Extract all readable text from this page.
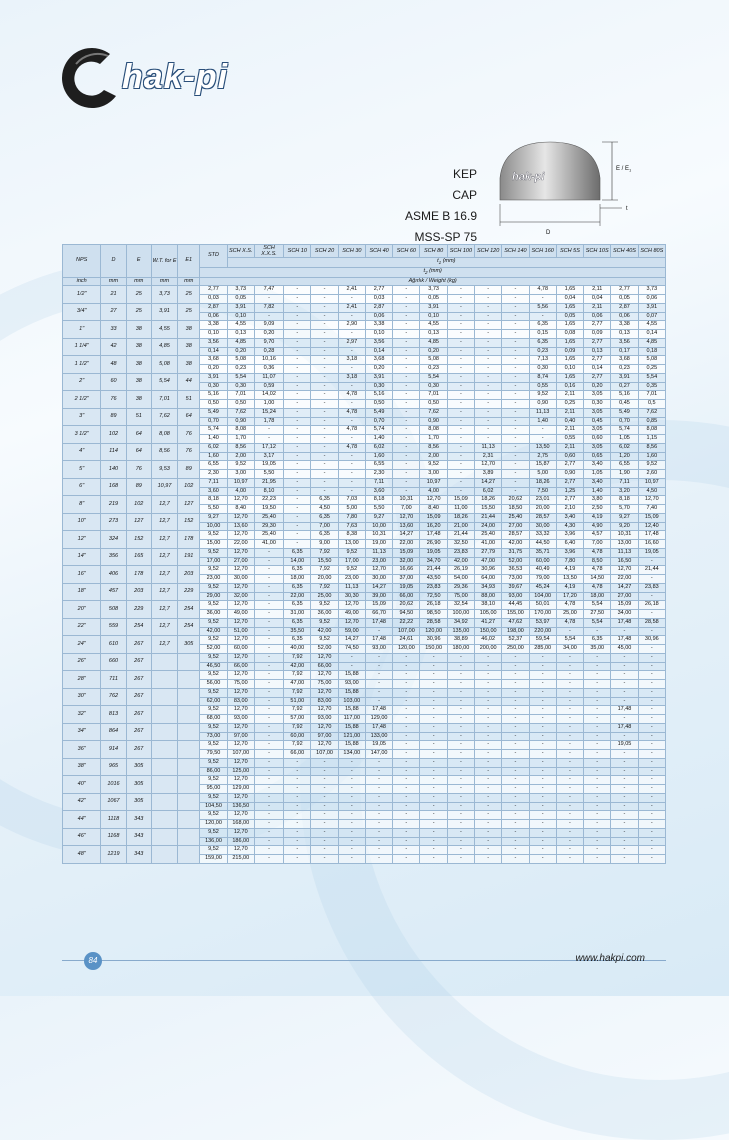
hak-pi
KEP
CAP
ASME B 16.9
MSS-SP 75
hak-pi
D
E / $E_1$
t
NPS	D	E	W.T. for E	E1	STD	SCH X.S.	SCH X.X.S.	SCH 10	SCH 20	SCH 30	SCH 40	SCH 60	SCH 80	SCH 100	SCH 120	SCH 140	SCH 160	SCH 5S	SCH 10S	SCH 40S	SCH 80S
						$t_1$ (mm)															
					$t_2$ (mm)																
inch	mm	mm	mm	mm	Ağırlık / Weight (kg)																
1/2"	21	25	3,73	25	2,77	3,73	7,47	-	-	2,41	2,77	-	3,73	-	-	-	4,78	1,65	2,11	2,77	3,73
					0,03	0,05	-	-	-	-	0,03	-	0,05	-	-	-	-	0,04	0,04	0,05	0,06
3/4"	27	25	3,91	25	2,87	3,91	7,82	-	-	2,41	2,87	-	3,91	-	-	-	5,56	1,65	2,11	2,87	3,91
					0,06	0,10	-	-	-	-	0,06	-	0,10	-	-	-	-	0,05	0,06	0,06	0,07
1"	33	38	4,55	38	3,38	4,55	9,09	-	-	2,90	3,38	-	4,55	-	-	-	6,35	1,65	2,77	3,38	4,55
					0,10	0,13	0,20	-	-	-	0,10	-	0,13	-	-	-	0,15	0,08	0,09	0,13	0,14
1 1/4"	42	38	4,85	38	3,56	4,85	9,70	-	-	2,97	3,56	-	4,85	-	-	-	6,35	1,65	2,77	3,56	4,85
					0,14	0,20	0,28	-	-	-	0,14	-	0,20	-	-	-	0,23	0,09	0,13	0,17	0,18
1 1/2"	48	38	5,08	38	3,68	5,08	10,16	-	-	3,18	3,68	-	5,08	-	-	-	7,13	1,65	2,77	3,68	5,08
					0,20	0,23	0,36	-	-	-	0,20	-	0,23	-	-	-	0,30	0,10	0,14	0,23	0,25
2"	60	38	5,54	44	3,91	5,54	11,07	-	-	3,18	3,91	-	5,54	-	-	-	8,74	1,65	2,77	3,91	5,54
					0,30	0,30	0,59	-	-	-	0,30	-	0,30	-	-	-	0,55	0,16	0,20	0,27	0,35
2 1/2"	76	38	7,01	51	5,16	7,01	14,02	-	-	4,78	5,16	-	7,01	-	-	-	9,52	2,11	3,05	5,16	7,01
					0,50	0,50	1,00	-	-	-	0,50	-	0,50	-	-	-	0,90	0,25	0,30	0,45	0,5
3"	89	51	7,62	64	5,49	7,62	15,24	-	-	4,78	5,49	-	7,62	-	-	-	11,13	2,11	3,05	5,49	7,62
					0,70	0,90	1,78	-	-	-	0,70	-	0,90	-	-	-	1,40	0,40	0,45	0,70	0,85
3 1/2"	102	64	8,08	76	5,74	8,08	-	-	-	4,78	5,74	-	8,08	-	-	-	-	2,11	3,05	5,74	8,08
					1,40	1,70	-	-	-	-	1,40	-	1,70	-	-	-	-	0,55	0,60	1,05	1,15
4"	114	64	8,56	76	6,02	8,56	17,12	-	-	4,78	6,02	-	8,56	-	11,13	-	13,50	2,11	3,05	6,02	8,56
					1,60	2,00	3,17	-	-	-	1,60	-	2,00	-	2,31	-	2,75	0,60	0,65	1,20	1,60
5"	140	76	9,53	89	6,55	9,52	19,05	-	-	-	6,55	-	9,52	-	12,70	-	15,87	2,77	3,40	6,55	9,52
					2,30	3,00	5,50	-	-	-	2,30	-	3,00	-	3,89	-	5,00	0,90	1,05	1,90	2,60
6"	168	89	10,97	102	7,11	10,97	21,95	-	-	-	7,11	-	10,97	-	14,27	-	18,26	2,77	3,40	7,11	10,97
					3,60	4,00	8,10	-	-	-	3,60	-	4,00	-	6,02	-	7,50	1,25	1,40	3,20	4,50
8"	219	102	12,7	127	8,18	12,70	22,23	-	6,35	7,03	8,18	10,31	12,70	15,09	18,26	20,62	23,01	2,77	3,80	8,18	12,70
					5,50	8,40	19,50	-	4,50	5,00	5,50	7,00	8,40	11,00	15,50	18,50	20,00	2,10	2,50	5,70	7,40
10"	273	127	12,7	152	9,27	12,70	25,40	-	6,35	7,80	9,27	12,70	15,09	18,26	21,44	25,40	28,57	3,40	4,19	9,27	15,09
					10,00	13,60	29,30	-	7,00	7,63	10,00	13,60	16,20	21,00	24,00	27,00	30,00	4,30	4,90	9,20	12,40
12"	324	152	12,7	178	9,52	12,70	25,40	-	6,35	8,38	10,31	14,27	17,48	21,44	25,40	28,57	33,32	3,96	4,57	10,31	17,48
					15,00	22,00	41,00	-	9,00	13,00	19,00	22,00	26,90	32,50	41,00	42,00	44,50	6,40	7,00	13,00	16,60
14"	356	165	12,7	191	9,52	12,70	-	6,35	7,92	9,52	11,13	15,09	19,05	23,83	27,79	31,75	35,71	3,96	4,78	11,13	19,05
					17,00	27,00	-	14,00	15,50	17,00	23,00	32,00	34,70	42,00	47,00	52,00	60,00	7,80	8,50	16,50	-
16"	406	178	12,7	203	9,52	12,70	-	6,35	7,92	9,52	12,70	16,66	21,44	26,19	30,96	36,53	40,49	4,19	4,78	12,70	21,44
					23,00	30,00	-	18,00	20,00	23,00	30,00	37,00	43,50	54,00	64,00	73,00	79,00	13,50	14,50	22,00	-
18"	457	203	12,7	229	9,52	12,70	-	6,35	7,92	11,13	14,27	19,05	23,83	29,36	34,93	39,67	45,24	4,19	4,78	14,27	23,83
					29,00	32,00	-	22,00	25,00	30,30	39,00	66,00	72,50	75,00	88,00	93,00	104,00	17,20	18,00	27,00	-
20"	508	229	12,7	254	9,52	12,70	-	6,35	9,52	12,70	15,09	20,62	26,18	32,54	38,10	44,45	50,01	4,78	5,54	15,09	26,18
					36,00	49,00	-	31,00	36,00	49,00	66,70	94,50	98,50	100,00	105,00	155,00	170,00	25,00	27,50	34,00	-
22"	559	254	12,7	254	9,52	12,70	-	6,35	9,52	12,70	17,48	22,22	28,58	34,92	41,27	47,62	53,97	4,78	5,54	17,48	28,58
					42,00	51,00	-	35,50	42,00	59,00	-	107,00	120,00	135,00	150,00	198,00	220,00	-	-	-	-
24"	610	267	12,7	305	9,52	12,70	-	6,35	9,52	14,27	17,48	24,61	30,96	38,89	46,02	52,37	59,54	5,54	6,35	17,48	30,96
					52,00	60,00	-	40,00	52,00	74,50	93,00	120,00	150,00	180,00	200,00	250,00	285,00	34,00	35,00	45,00	-
26"	660	267			9,52	12,70	-	7,92	12,70	-	-	-	-	-	-	-	-	-	-	-	-
					46,50	66,00	-	42,00	66,00	-	-	-	-	-	-	-	-	-	-	-	-
28"	711	267			9,52	12,70	-	7,92	12,70	15,88	-	-	-	-	-	-	-	-	-	-	-
					56,00	75,00	-	47,00	75,00	93,00	-	-	-	-	-	-	-	-	-	-	-
30"	762	267			9,52	12,70	-	7,92	12,70	15,88	-	-	-	-	-	-	-	-	-	-	-
					62,00	83,00	-	51,00	83,00	103,00	-	-	-	-	-	-	-	-	-	-	-
32"	813	267			9,52	12,70	-	7,92	12,70	15,88	17,48	-	-	-	-	-	-	-	-	17,48	-
					68,00	93,00	-	57,00	93,00	117,00	129,00	-	-	-	-	-	-	-	-	-	-
34"	864	267			9,52	12,70	-	7,92	12,70	15,88	17,48	-	-	-	-	-	-	-	-	17,48	-
					73,00	97,00	-	60,00	97,00	121,00	133,00	-	-	-	-	-	-	-	-	-	-
36"	914	267			9,52	12,70	-	7,92	12,70	15,88	19,05	-	-	-	-	-	-	-	-	19,05	-
					79,50	107,00	-	66,00	107,00	134,00	147,00	-	-	-	-	-	-	-	-	-	-
38"	965	305			9,52	12,70	-	-	-	-	-	-	-	-	-	-	-	-	-	-	-
					86,00	125,00	-	-	-	-	-	-	-	-	-	-	-	-	-	-	-
40"	1016	305			9,52	12,70	-	-	-	-	-	-	-	-	-	-	-	-	-	-	-
					95,00	129,00	-	-	-	-	-	-	-	-	-	-	-	-	-	-	-
42"	1067	305			9,52	12,70	-	-	-	-	-	-	-	-	-	-	-	-	-	-	-
					104,50	136,50	-	-	-	-	-	-	-	-	-	-	-	-	-	-	-
44"	1118	343			9,52	12,70	-	-	-	-	-	-	-	-	-	-	-	-	-	-	-
					120,00	168,00	-	-	-	-	-	-	-	-	-	-	-	-	-	-	-
46"	1168	343			9,52	12,70	-	-	-	-	-	-	-	-	-	-	-	-	-	-	-
					136,00	186,00	-	-	-	-	-	-	-	-	-	-	-	-	-	-	-
48"	1219	343			9,52	12,70	-	-	-	-	-	-	-	-	-	-	-	-	-	-	-
					159,00	215,00	-	-	-	-	-	-	-	-	-	-	-	-	-	-	-
84	www.hakpi.com
